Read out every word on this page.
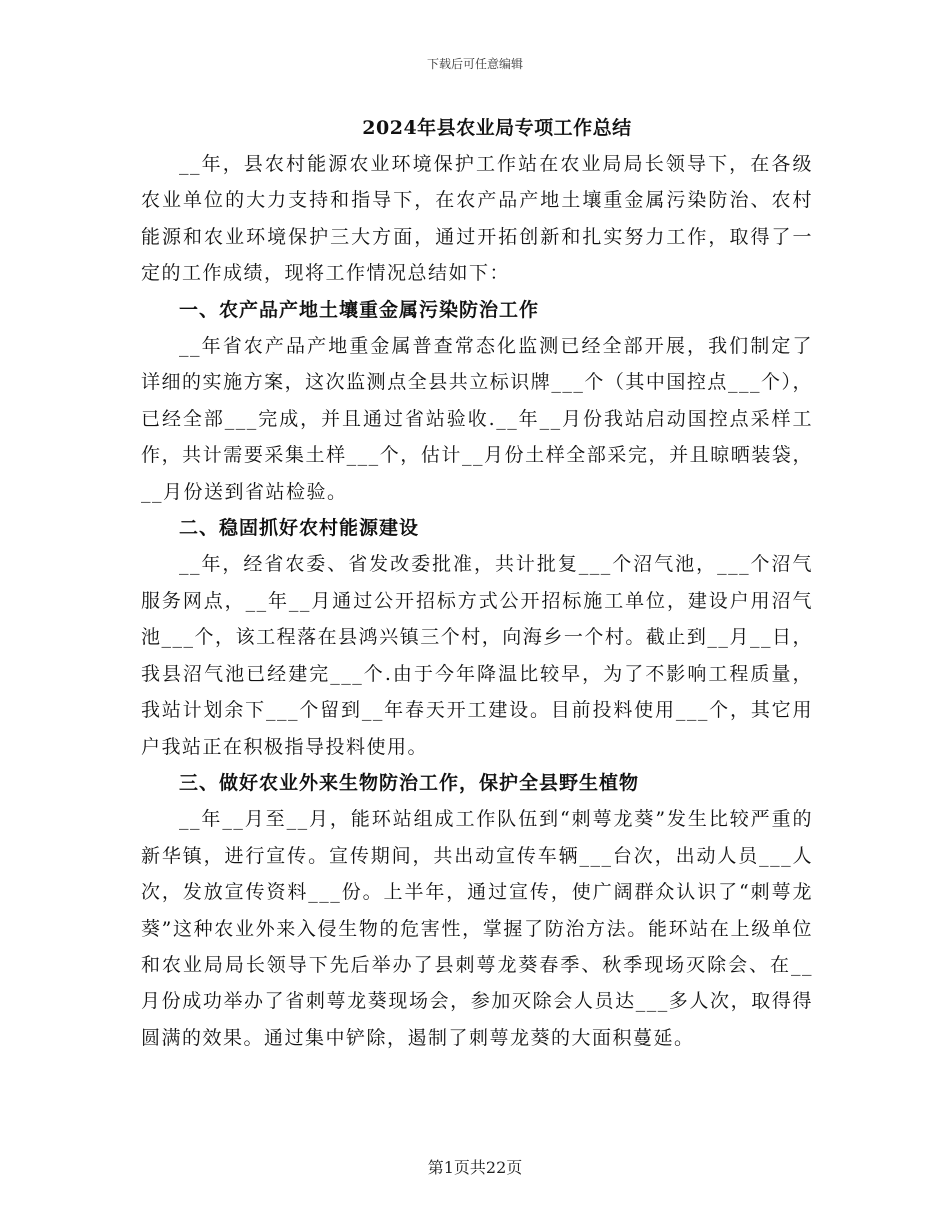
下载后可任意编辑
2024年县农业局专项工作总结

__年，县农村能源农业环境保护工作站在农业局局长领导下，在各级农业单位的大力支持和指导下，在农产品产地土壤重金属污染防治、农村能源和农业环境保护三大方面，通过开拓创新和扎实努力工作，取得了一定的工作成绩，现将工作情况总结如下：

一、农产品产地土壤重金属污染防治工作

__年省农产品产地重金属普查常态化监测已经全部开展，我们制定了详细的实施方案，这次监测点全县共立标识牌___个（其中国控点___个），已经全部___完成，并且通过省站验收.__年__月份我站启动国控点采样工作，共计需要采集土样___个，估计__月份土样全部采完，并且晾晒装袋，__月份送到省站检验。

二、稳固抓好农村能源建设

__年，经省农委、省发改委批准，共计批复___个沼气池，___个沼气服务网点，__年__月通过公开招标方式公开招标施工单位，建设户用沼气池___个，该工程落在县鸿兴镇三个村，向海乡一个村。截止到__月__日，我县沼气池已经建完___个.由于今年降温比较早，为了不影响工程质量，我站计划余下___个留到__年春天开工建设。目前投料使用___个，其它用户我站正在积极指导投料使用。

三、做好农业外来生物防治工作，保护全县野生植物

__年__月至__月，能环站组成工作队伍到“刺萼龙葵”发生比较严重的新华镇，进行宣传。宣传期间，共出动宣传车辆___台次，出动人员___人次，发放宣传资料___份。上半年，通过宣传，使广阔群众认识了“刺萼龙葵”这种农业外来入侵生物的危害性，掌握了防治方法。能环站在上级单位和农业局局长领导下先后举办了县刺萼龙葵春季、秋季现场灭除会、在__月份成功举办了省刺萼龙葵现场会，参加灭除会人员达___多人次，取得得圆满的效果。通过集中铲除，遏制了刺萼龙葵的大面积蔓延。

第1页共22页
